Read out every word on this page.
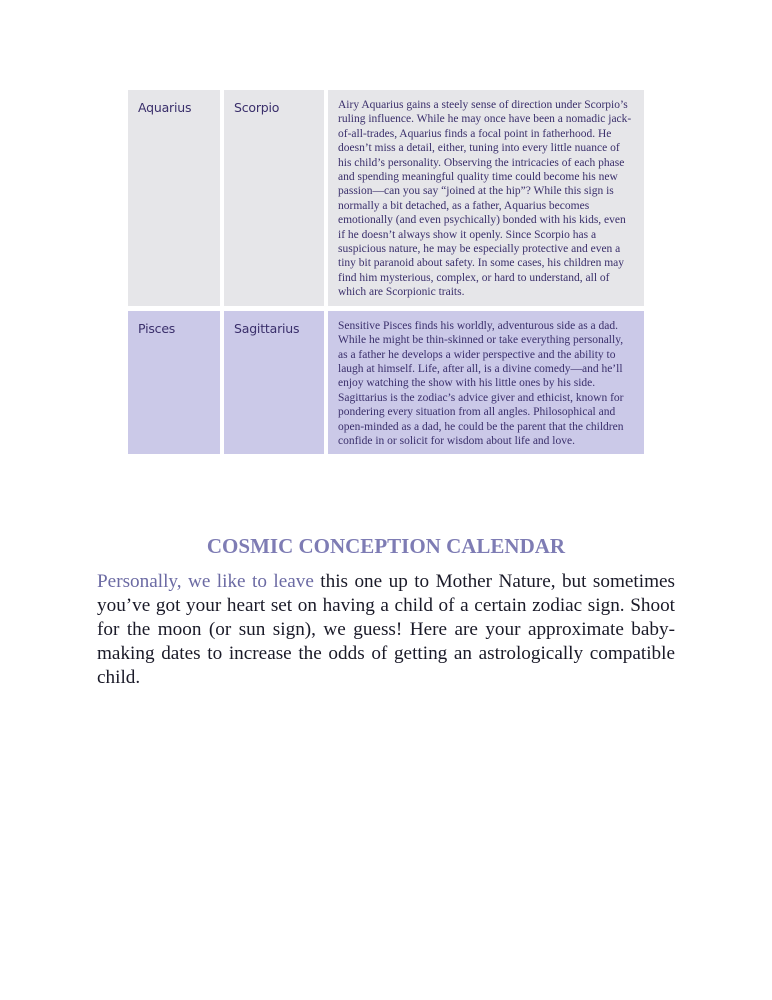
Aquarius	Scorpio	Airy Aquarius gains a steely sense of direction under Scorpio’s ruling influence. While he may once have been a nomadic jack-of-all-trades, Aquarius finds a focal point in fatherhood. He doesn’t miss a detail, either, tuning into every little nuance of his child’s personality. Observing the intricacies of each phase and spending meaningful quality time could become his new passion—can you say “joined at the hip”? While this sign is normally a bit detached, as a father, Aquarius becomes emotionally (and even psychically) bonded with his kids, even if he doesn’t always show it openly. Since Scorpio has a suspicious nature, he may be especially protective and even a tiny bit paranoid about safety. In some cases, his children may find him mysterious, complex, or hard to understand, all of which are Scorpionic traits.
Pisces	Sagittarius	Sensitive Pisces finds his worldly, adventurous side as a dad. While he might be thin-skinned or take everything personally, as a father he develops a wider perspective and the ability to laugh at himself. Life, after all, is a divine comedy—and he’ll enjoy watching the show with his little ones by his side. Sagittarius is the zodiac’s advice giver and ethicist, known for pondering every situation from all angles. Philosophical and open-minded as a dad, he could be the parent that the children confide in or solicit for wisdom about life and love.
COSMIC CONCEPTION CALENDAR

Personally, we like to leave this one up to Mother Nature, but sometimes you’ve got your heart set on having a child of a certain zodiac sign. Shoot for the moon (or sun sign), we guess! Here are your approximate baby-making dates to increase the odds of getting an astrologically compatible child.
